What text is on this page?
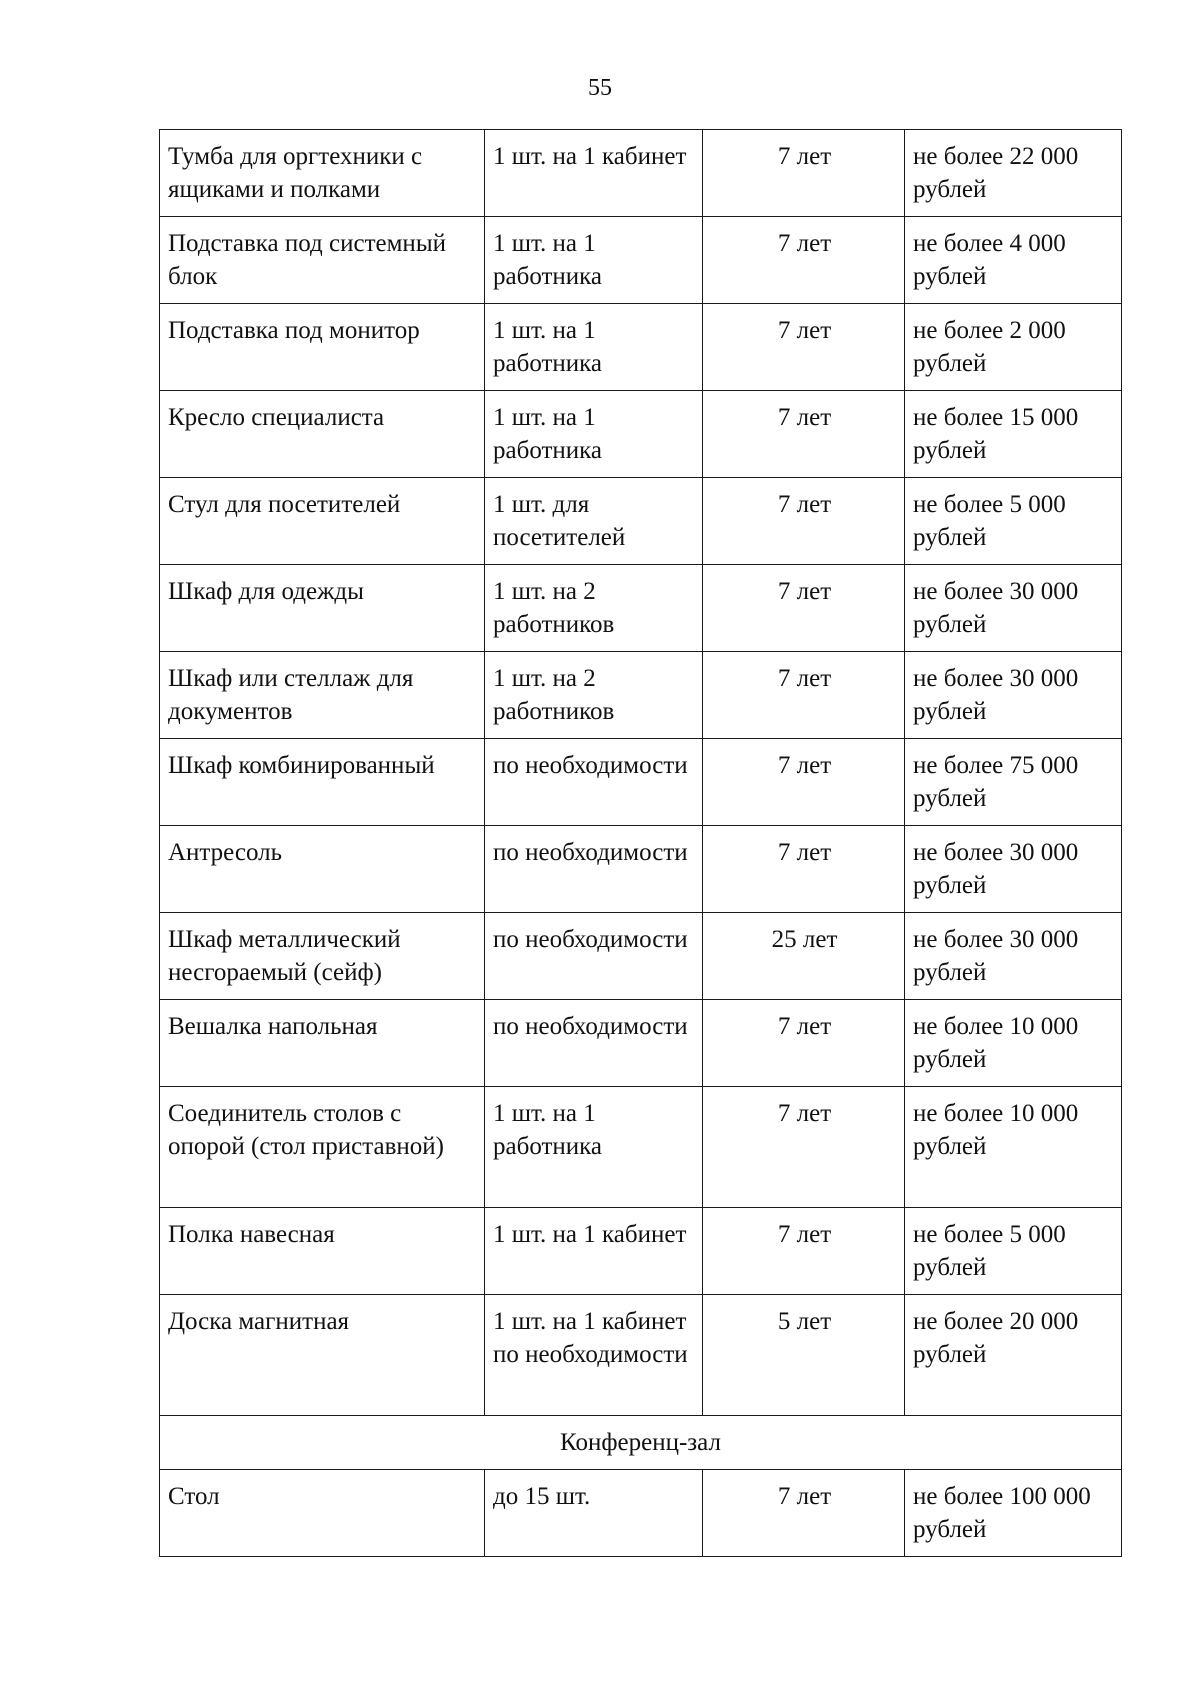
55
Тумба для оргтехники с ящиками и полками	1 шт. на 1 кабинет	7 лет	не более 22 000 рублей
Подставка под системный блок	1 шт. на 1 работника	7 лет	не более 4 000 рублей
Подставка под монитор	1 шт. на 1 работника	7 лет	не более 2 000 рублей
Кресло специалиста	1 шт. на 1 работника	7 лет	не более 15 000 рублей
Стул для посетителей	1 шт. для посетителей	7 лет	не более 5 000 рублей
Шкаф для одежды	1 шт. на 2 работников	7 лет	не более 30 000 рублей
Шкаф или стеллаж для документов	1 шт. на 2 работников	7 лет	не более 30 000 рублей
Шкаф комбинированный	по необходимости	7 лет	не более 75 000 рублей
Антресоль	по необходимости	7 лет	не более 30 000 рублей
Шкаф металлический несгораемый (сейф)	по необходимости	25 лет	не более 30 000 рублей
Вешалка напольная	по необходимости	7 лет	не более 10 000 рублей
Соединитель столов с опорой (стол приставной)	1 шт. на 1 работника	7 лет	не более 10 000 рублей
Полка навесная	1 шт. на 1 кабинет	7 лет	не более 5 000 рублей
Доска магнитная	1 шт. на 1 кабинет по необходимости	5 лет	не более 20 000 рублей
Конференц-зал			
Стол	до 15 шт.	7 лет	не более 100 000 рублей
